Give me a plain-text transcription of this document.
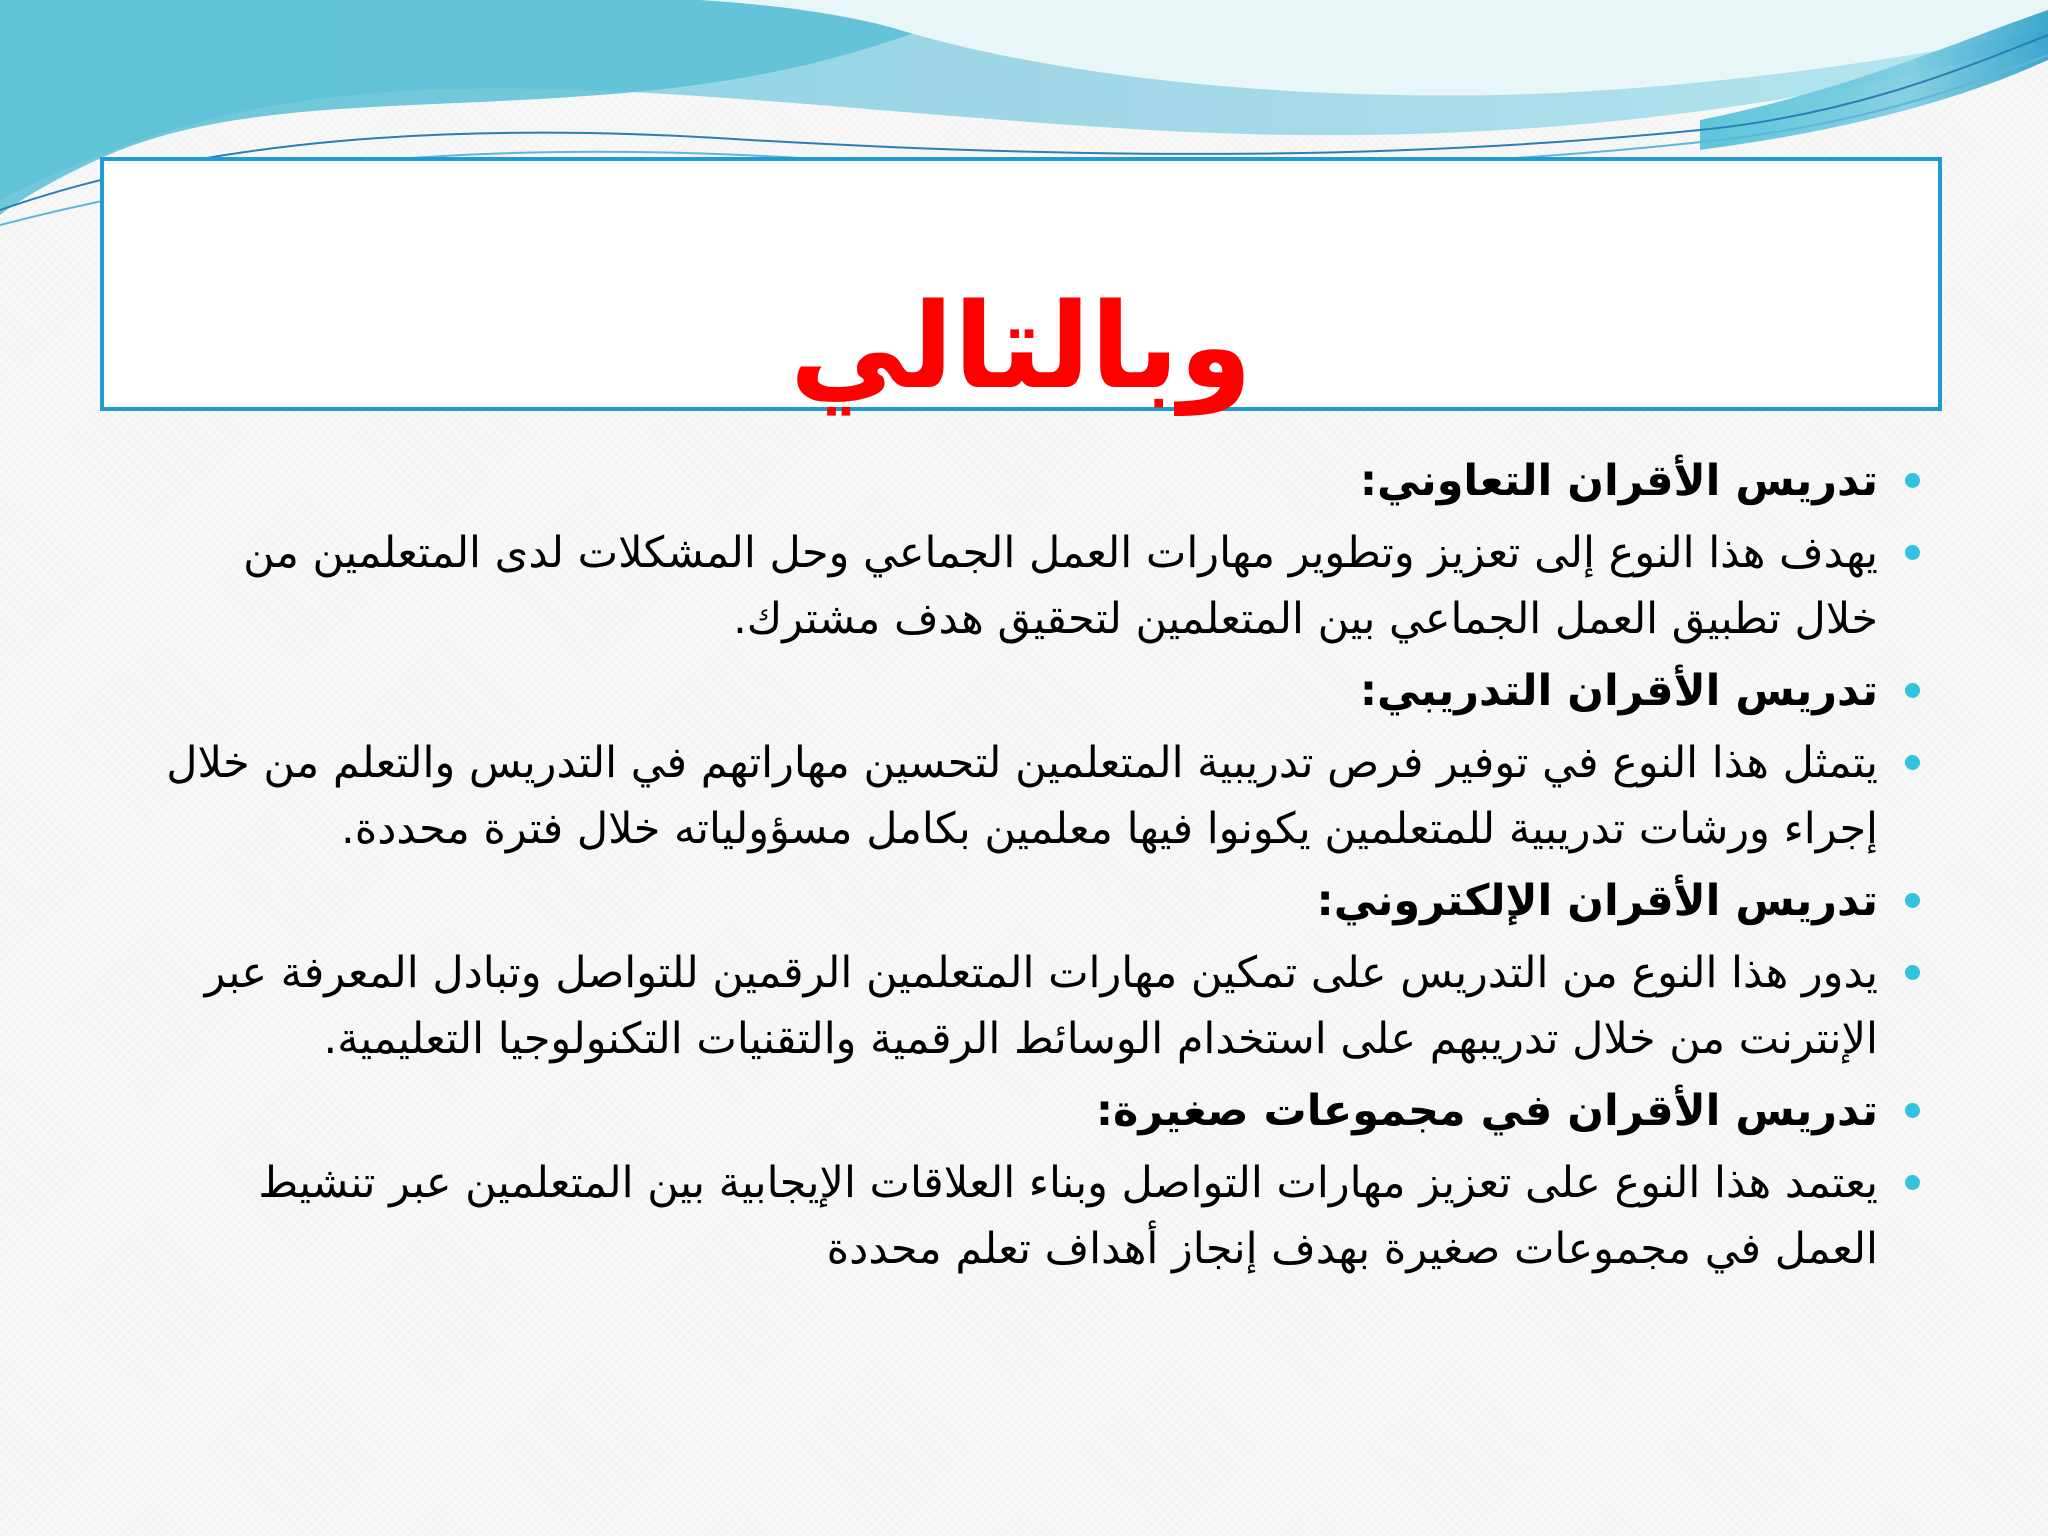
وبالتالي
تدريس الأقران التعاوني:
يهدف هذا النوع إلى تعزيز وتطوير مهارات العمل الجماعي وحل المشكلات لدى المتعلمين من خلال تطبيق العمل الجماعي بين المتعلمين لتحقيق هدف مشترك.
تدريس الأقران التدريبي:
يتمثل هذا النوع في توفير فرص تدريبية المتعلمين لتحسين مهاراتهم في التدريس والتعلم من خلال إجراء ورشات تدريبية للمتعلمين يكونوا فيها معلمين بكامل مسؤولياته خلال فترة محددة.
تدريس الأقران الإلكتروني:
يدور هذا النوع من التدريس على تمكين مهارات المتعلمين الرقمين للتواصل وتبادل المعرفة عبر الإنترنت من خلال تدريبهم على استخدام الوسائط الرقمية والتقنيات التكنولوجيا التعليمية.
تدريس الأقران في مجموعات صغيرة:
يعتمد هذا النوع على تعزيز مهارات التواصل وبناء العلاقات الإيجابية بين المتعلمين عبر تنشيط العمل في مجموعات صغيرة بهدف إنجاز أهداف تعلم محددة
